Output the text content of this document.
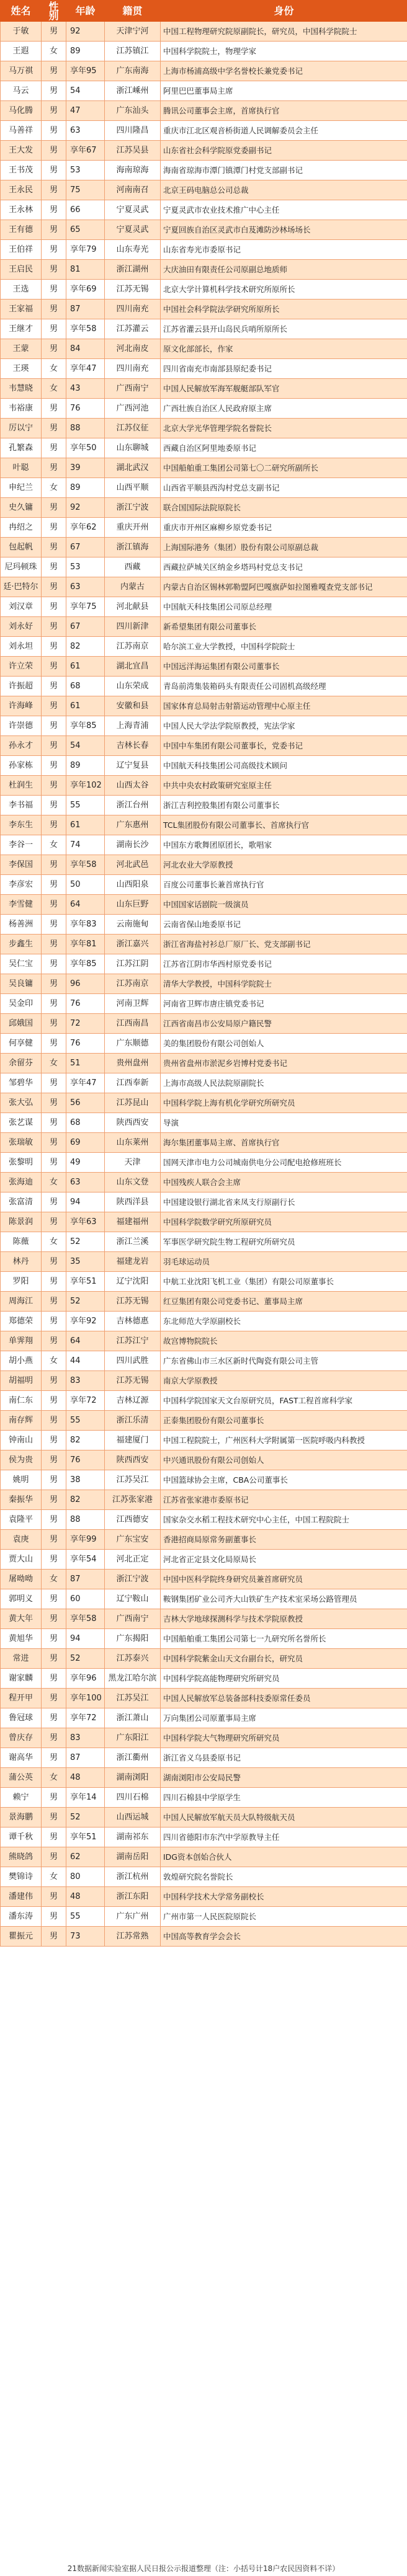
姓名	性别	年龄	籍贯	身份
于敏	男	92	天津宁河	中国工程物理研究院原副院长，研究员，中国科学院院士
王遐	女	89	江苏镇江	中国科学院院士，物理学家
马万祺	男	享年95	广东南海	上海市杨浦高级中学名誉校长兼党委书记
马云	男	54	浙江嵊州	阿里巴巴董事局主席
马化腾	男	47	广东汕头	腾讯公司董事会主席，首席执行官
马善祥	男	63	四川隆昌	重庆市江北区观音桥街道人民调解委员会主任
王大发	男	享年67	江苏吴县	山东省社会科学院原党委副书记
王书茂	男	53	海南琼海	海南省琼海市潭门镇潭门村党支部副书记
王永民	男	75	河南南召	北京王码电脑总公司总裁
王永林	男	66	宁夏灵武	宁夏灵武市农业技术推广中心主任
王有德	男	65	宁夏灵武	宁夏回族自治区灵武市白芨滩防沙林场场长
王伯祥	男	享年79	山东寿光	山东省寿光市委原书记
王启民	男	81	浙江湖州	大庆油田有限责任公司原副总地质师
王选	男	享年69	江苏无锡	北京大学计算机科学技术研究所原所长
王家福	男	87	四川南充	中国社会科学院法学研究所原所长
王继才	男	享年58	江苏灌云	江苏省灌云县开山岛民兵哨所原所长
王蒙	男	84	河北南皮	原文化部部长，作家
王瑛	女	享年47	四川南充	四川省南充市南部县原纪委书记
韦慧晓	女	43	广西南宁	中国人民解放军海军舰艇部队军官
韦裕康	男	76	广西河池	广西壮族自治区人民政府原主席
厉以宁	男	88	江苏仪征	北京大学光华管理学院名誉院长
孔繁森	男	享年50	山东聊城	西藏自治区阿里地委原书记
叶聪	男	39	湖北武汉	中国船舶重工集团公司第七〇二研究所副所长
申纪兰	女	89	山西平顺	山西省平顺县西沟村党总支副书记
史久镛	男	92	浙江宁波	联合国国际法院原院长
冉绍之	男	享年62	重庆开州	重庆市开州区麻柳乡原党委书记
包起帆	男	67	浙江镇海	上海国际港务（集团）股份有限公司原副总裁
尼玛顿珠	男	53	西藏	西藏拉萨城关区纳金乡塔玛村党总支书记
廷·巴特尔	男	63	内蒙古	内蒙古自治区锡林郭勒盟阿巴嘎旗萨如拉图雅嘎查党支部书记
刘汉章	男	享年75	河北献县	中国航天科技集团公司原总经理
刘永好	男	67	四川新津	新希望集团有限公司董事长
刘永坦	男	82	江苏南京	哈尔滨工业大学教授，中国科学院院士
许立荣	男	61	湖北宜昌	中国远洋海运集团有限公司董事长
许振超	男	68	山东荣成	青岛前湾集装箱码头有限责任公司固机高级经理
许海峰	男	61	安徽和县	国家体育总局射击射箭运动管理中心原主任
许崇德	男	享年85	上海青浦	中国人民大学法学院原教授，宪法学家
孙永才	男	54	吉林长春	中国中车集团有限公司董事长，党委书记
孙家栋	男	89	辽宁复县	中国航天科技集团公司高级技术顾问
杜润生	男	享年102	山西太谷	中共中央农村政策研究室原主任
李书福	男	55	浙江台州	浙江吉利控股集团有限公司董事长
李东生	男	61	广东惠州	TCL集团股份有限公司董事长、首席执行官
李谷一	女	74	湖南长沙	中国东方歌舞团原团长，歌唱家
李保国	男	享年58	河北武邑	河北农业大学原教授
李彦宏	男	50	山西阳泉	百度公司董事长兼首席执行官
李雪健	男	64	山东巨野	中国国家话剧院一级演员
杨善洲	男	享年83	云南施甸	云南省保山地委原书记
步鑫生	男	享年81	浙江嘉兴	浙江省海盐衬衫总厂原厂长、党支部副书记
吴仁宝	男	享年85	江苏江阴	江苏省江阴市华西村原党委书记
吴良镛	男	96	江苏南京	清华大学教授，中国科学院院士
吴金印	男	76	河南卫辉	河南省卫辉市唐庄镇党委书记
邱娥国	男	72	江西南昌	江西省南昌市公安局原户籍民警
何享健	男	76	广东顺德	美的集团股份有限公司创始人
余留芬	女	51	贵州盘州	贵州省盘州市淤泥乡岩博村党委书记
邹碧华	男	享年47	江西奉新	上海市高级人民法院原副院长
张大弘	男	56	江苏昆山	中国科学院上海有机化学研究所研究员
张艺谋	男	68	陕西西安	导演
张瑞敏	男	69	山东莱州	海尔集团董事局主席、首席执行官
张黎明	男	49	天津	国网天津市电力公司城南供电分公司配电抢修班班长
张海迪	女	63	山东文登	中国残疾人联合会主席
张富清	男	94	陕西洋县	中国建设银行湖北省来凤支行原副行长
陈景润	男	享年63	福建福州	中国科学院数学研究所原研究员
陈薇	女	52	浙江兰溪	军事医学研究院生物工程研究所研究员
林丹	男	35	福建龙岩	羽毛球运动员
罗阳	男	享年51	辽宁沈阳	中航工业沈阳飞机工业（集团）有限公司原董事长
周海江	男	52	江苏无锡	红豆集团有限公司党委书记、董事局主席
郑德荣	男	享年92	吉林德惠	东北师范大学原副校长
单霁翔	男	64	江苏江宁	故宫博物院院长
胡小燕	女	44	四川武胜	广东省佛山市三水区新时代陶瓷有限公司主管
胡福明	男	83	江苏无锡	南京大学原教授
南仁东	男	享年72	吉林辽源	中国科学院国家天文台原研究员，FAST工程首席科学家
南存辉	男	55	浙江乐清	正泰集团股份有限公司董事长
钟南山	男	82	福建厦门	中国工程院院士，广州医科大学附属第一医院呼吸内科教授
侯为贵	男	76	陕西西安	中兴通讯股份有限公司创始人
姚明	男	38	江苏吴江	中国篮球协会主席，CBA公司董事长
秦振华	男	82	江苏张家港	江苏省张家港市委原书记
袁隆平	男	88	江西德安	国家杂交水稻工程技术研究中心主任，中国工程院院士
袁庚	男	享年99	广东宝安	香港招商局原常务副董事长
贾大山	男	享年54	河北正定	河北省正定县文化局原局长
屠呦呦	女	87	浙江宁波	中国中医科学院终身研究员兼首席研究员
郭明义	男	60	辽宁鞍山	鞍钢集团矿业公司齐大山铁矿生产技术室采场公路管理员
黄大年	男	享年58	广西南宁	吉林大学地球探测科学与技术学院原教授
黄旭华	男	94	广东揭阳	中国船舶重工集团公司第七一九研究所名誉所长
常进	男	52	江苏泰兴	中国科学院紫金山天文台副台长，研究员
谢家麟	男	享年96	黑龙江哈尔滨	中国科学院高能物理研究所研究员
程开甲	男	享年100	江苏吴江	中国人民解放军总装备部科技委原常任委员
鲁冠球	男	享年72	浙江萧山	万向集团公司原董事局主席
曾庆存	男	83	广东阳江	中国科学院大气物理研究所研究员
谢高华	男	87	浙江衢州	浙江省义乌县委原书记
蒲公英	女	48	湖南浏阳	湖南浏阳市公安局民警
赖宁	男	享年14	四川石棉	四川石棉县中学原学生
景海鹏	男	52	山西运城	中国人民解放军航天员大队特级航天员
谭千秋	男	享年51	湖南祁东	四川省德阳市东汽中学原教导主任
熊晓鸽	男	62	湖南岳阳	IDG资本创始合伙人
樊锦诗	女	80	浙江杭州	敦煌研究院名誉院长
潘建伟	男	48	浙江东阳	中国科学技术大学常务副校长
潘东涛	男	55	广东广州	广州市第一人民医院原院长
瞿振元	男	73	江苏常熟	中国高等教育学会会长
21数据新闻实验室据人民日报公示报道整理（注：小括号计18户农民因资料不详）
